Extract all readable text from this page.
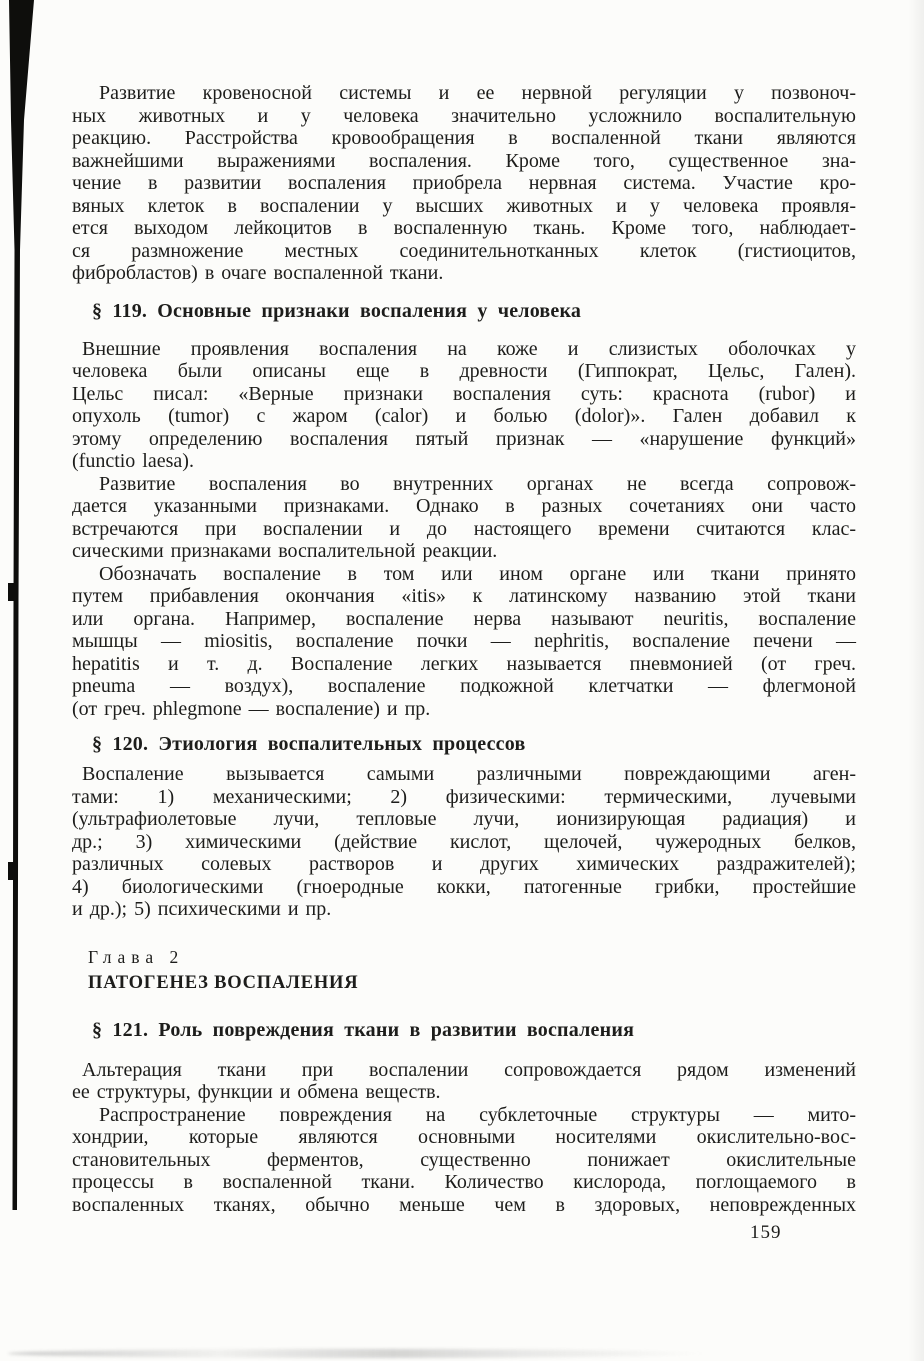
Развитие кровеносной системы и ее нервной регуляции у позвоноч-
ных животных и у человека значительно усложнило воспалительную
реакцию. Расстройства кровообращения в воспаленной ткани являются
важнейшими выражениями воспаления. Кроме того, существенное зна-
чение в развитии воспаления приобрела нервная система. Участие кро-
вяных клеток в воспалении у высших животных и у человека проявля-
ется выходом лейкоцитов в воспаленную ткань. Кроме того, наблюдает-
ся размножение местных соединительнотканных клеток (гистиоцитов,
фибробластов) в очаге воспаленной ткани.
§ 119. Основные признаки воспаления у человека
Внешние проявления воспаления на коже и слизистых оболочках у
человека были описаны еще в древности (Гиппократ, Цельс, Гален).
Цельс писал: «Верные признаки воспаления суть: краснота (rubor) и
опухоль (tumor) с жаром (calor) и болью (dolor)». Гален добавил к
этому определению воспаления пятый признак — «нарушение функций»
(functio laesa).
Развитие воспаления во внутренних органах не всегда сопровож-
дается указанными признаками. Однако в разных сочетаниях они часто
встречаются при воспалении и до настоящего времени считаются клас-
сическими признаками воспалительной реакции.
Обозначать воспаление в том или ином органе или ткани принято
путем прибавления окончания «itis» к латинскому названию этой ткани
или органа. Например, воспаление нерва называют neuritis, воспаление
мышцы — miositis, воспаление почки — nephritis, воспаление печени —
hepatitis и т. д. Воспаление легких называется пневмонией (от греч.
pneuma — воздух), воспаление подкожной клетчатки — флегмоной
(от греч. phlegmone — воспаление) и пр.
§ 120. Этиология воспалительных процессов
Воспаление вызывается самыми различными повреждающими аген-
тами: 1) механическими; 2) физическими: термическими, лучевыми
(ультрафиолетовые лучи, тепловые лучи, ионизирующая радиация) и
др.; 3) химическими (действие кислот, щелочей, чужеродных белков,
различных солевых растворов и других химических раздражителей);
4) биологическими (гноеродные кокки, патогенные грибки, простейшие
и др.); 5) психическими и пр.
Глава 2
ПАТОГЕНЕЗ ВОСПАЛЕНИЯ
§ 121. Роль повреждения ткани в развитии воспаления
Альтерация ткани при воспалении сопровождается рядом изменений
ее структуры, функции и обмена веществ.
Распространение повреждения на субклеточные структуры — мито-
хондрии, которые являются основными носителями окислительно-вос-
становительных ферментов, существенно понижает окислительные
процессы в воспаленной ткани. Количество кислорода, поглощаемого в
воспаленных тканях, обычно меньше чем в здоровых, неповрежденных
159
